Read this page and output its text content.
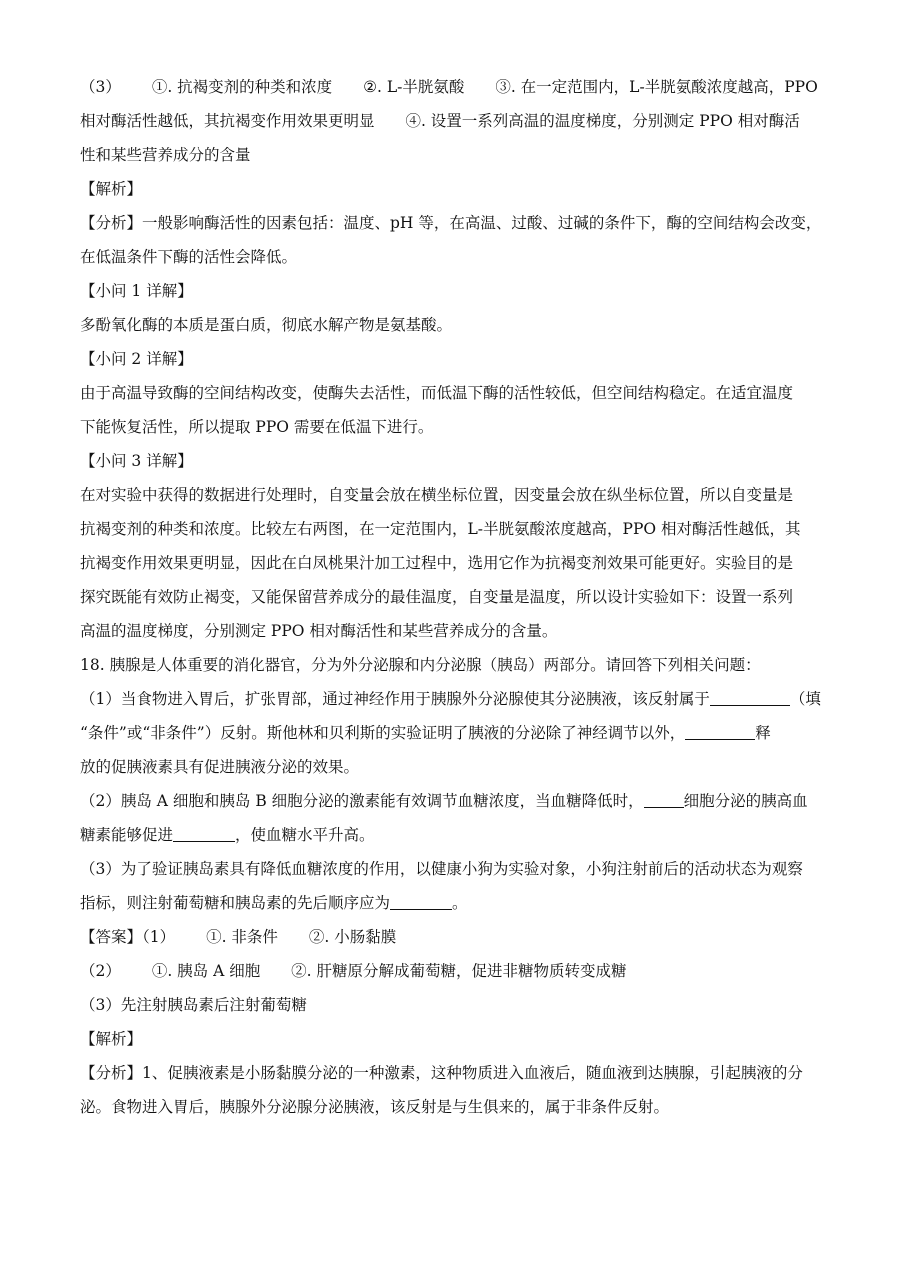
（3） ①. 抗褐变剂的种类和浓度 ②. L-半胱氨酸 ③. 在一定范围内，L-半胱氨酸浓度越高，PPO
相对酶活性越低，其抗褐变作用效果更明显 ④. 设置一系列高温的温度梯度，分别测定 PPO 相对酶活
性和某些营养成分的含量
【解析】
【分析】一般影响酶活性的因素包括：温度、pH 等，在高温、过酸、过碱的条件下，酶的空间结构会改变，
在低温条件下酶的活性会降低。
【小问 1 详解】
多酚氧化酶的本质是蛋白质，彻底水解产物是氨基酸。
【小问 2 详解】
由于高温导致酶的空间结构改变，使酶失去活性，而低温下酶的活性较低，但空间结构稳定。在适宜温度
下能恢复活性，所以提取 PPO 需要在低温下进行。
【小问 3 详解】
在对实验中获得的数据进行处理时，自变量会放在横坐标位置，因变量会放在纵坐标位置，所以自变量是
抗褐变剂的种类和浓度。比较左右两图，在一定范围内，L-半胱氨酸浓度越高，PPO 相对酶活性越低，其
抗褐变作用效果更明显，因此在白凤桃果汁加工过程中，选用它作为抗褐变剂效果可能更好。实验目的是
探究既能有效防止褐变，又能保留营养成分的最佳温度，自变量是温度，所以设计实验如下：设置一系列
高温的温度梯度，分别测定 PPO 相对酶活性和某些营养成分的含量。
18. 胰腺是人体重要的消化器官，分为外分泌腺和内分泌腺（胰岛）两部分。请回答下列相关问题：
（1）当食物进入胃后，扩张胃部，通过神经作用于胰腺外分泌腺使其分泌胰液，该反射属于	（填
“条件”或“非条件”）反射。斯他林和贝利斯的实验证明了胰液的分泌除了神经调节以外，	释
放的促胰液素具有促进胰液分泌的效果。
（2）胰岛 A 细胞和胰岛 B 细胞分泌的激素能有效调节血糖浓度，当血糖降低时，	细胞分泌的胰高血
糖素能够促进	，使血糖水平升高。
（3）为了验证胰岛素具有降低血糖浓度的作用，以健康小狗为实验对象，小狗注射前后的活动状态为观察
指标，则注射葡萄糖和胰岛素的先后顺序应为	。
【答案】（1） ①. 非条件 ②. 小肠黏膜
（2） ①. 胰岛 A 细胞 ②. 肝糖原分解成葡萄糖，促进非糖物质转变成糖
（3）先注射胰岛素后注射葡萄糖
【解析】
【分析】1、促胰液素是小肠黏膜分泌的一种激素，这种物质进入血液后，随血液到达胰腺，引起胰液的分
泌。食物进入胃后，胰腺外分泌腺分泌胰液，该反射是与生俱来的，属于非条件反射。
